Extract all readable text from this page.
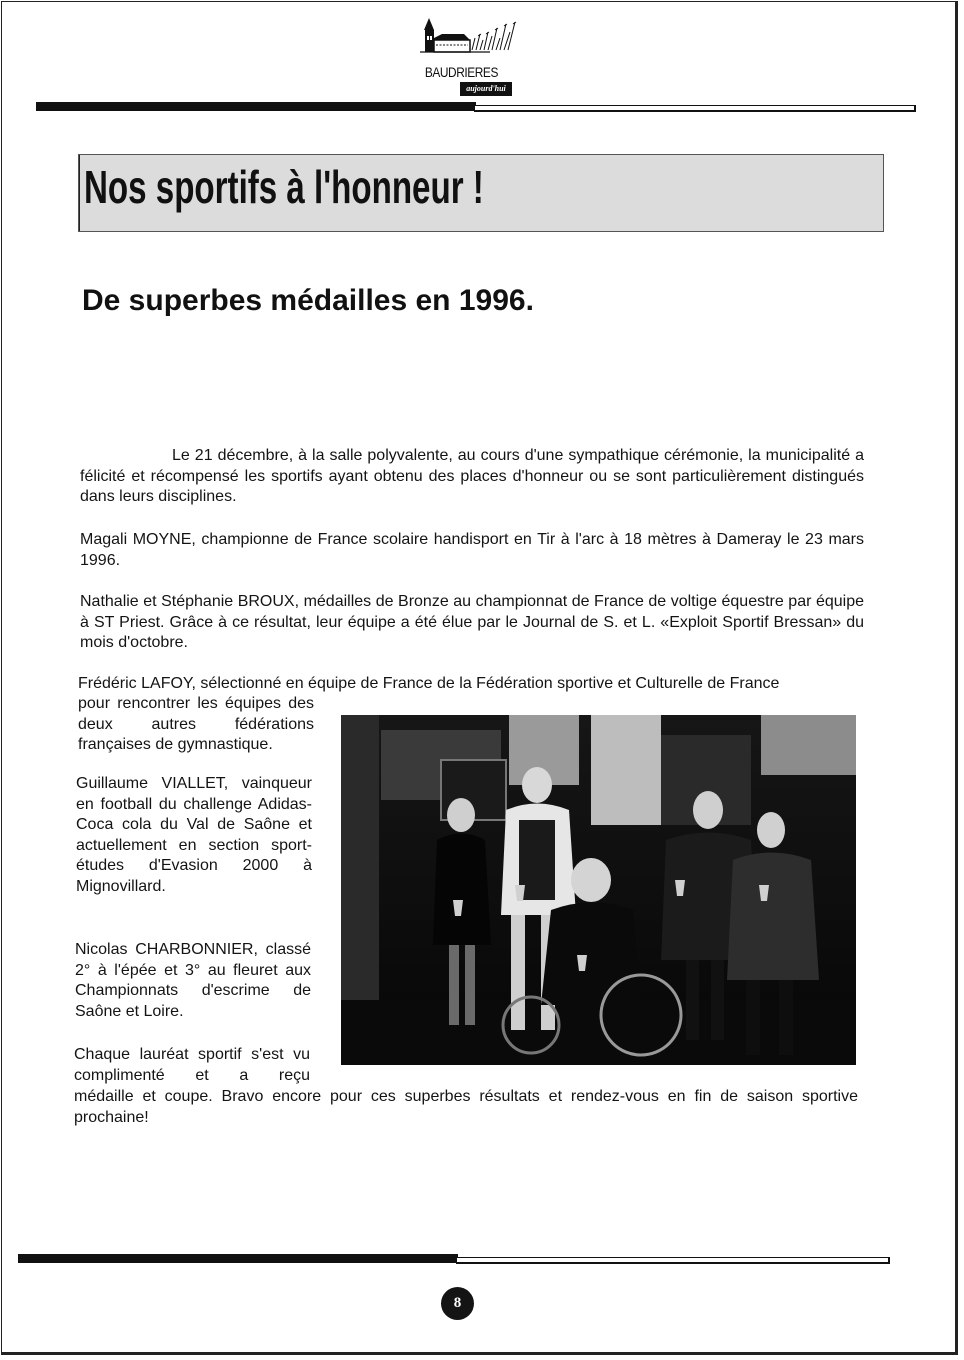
BAUDRIERES
aujourd'hui
Nos sportifs à l'honneur !
De superbes médailles en 1996.

Le 21 décembre, à la salle polyvalente, au cours d'une sympathique cérémonie, la municipalité a félicité et récompensé les sportifs ayant obtenu des places d'honneur ou se sont particulièrement distingués dans leurs disciplines.

Magali MOYNE, championne de France scolaire handisport en Tir à l'arc à 18 mètres à Dameray le 23 mars 1996.

Nathalie et Stéphanie BROUX, médailles de Bronze au championnat de France de voltige équestre par équipe à ST Priest. Grâce à ce résultat, leur équipe a été élue par le Journal de S. et L. «Exploit Sportif Bressan» du mois d'octobre.

Frédéric LAFOY, sélectionné en équipe de France de la Fédération sportive et Culturelle de France

pour rencontrer les équipes des deux autres fédérations françaises de gymnastique.

Guillaume VIALLET, vainqueur en football du challenge Adidas-Coca cola du Val de Saône et actuellement en section sport-études d'Evasion 2000 à Mignovillard.

Nicolas CHARBONNIER, classé 2° à l'épée et 3° au fleuret aux Championnats d'escrime de Saône et Loire.

Chaque lauréat sportif s'est vu complimenté et a reçu

médaille et coupe. Bravo encore pour ces superbes résultats et rendez-vous en fin de saison sportive prochaine!

8
